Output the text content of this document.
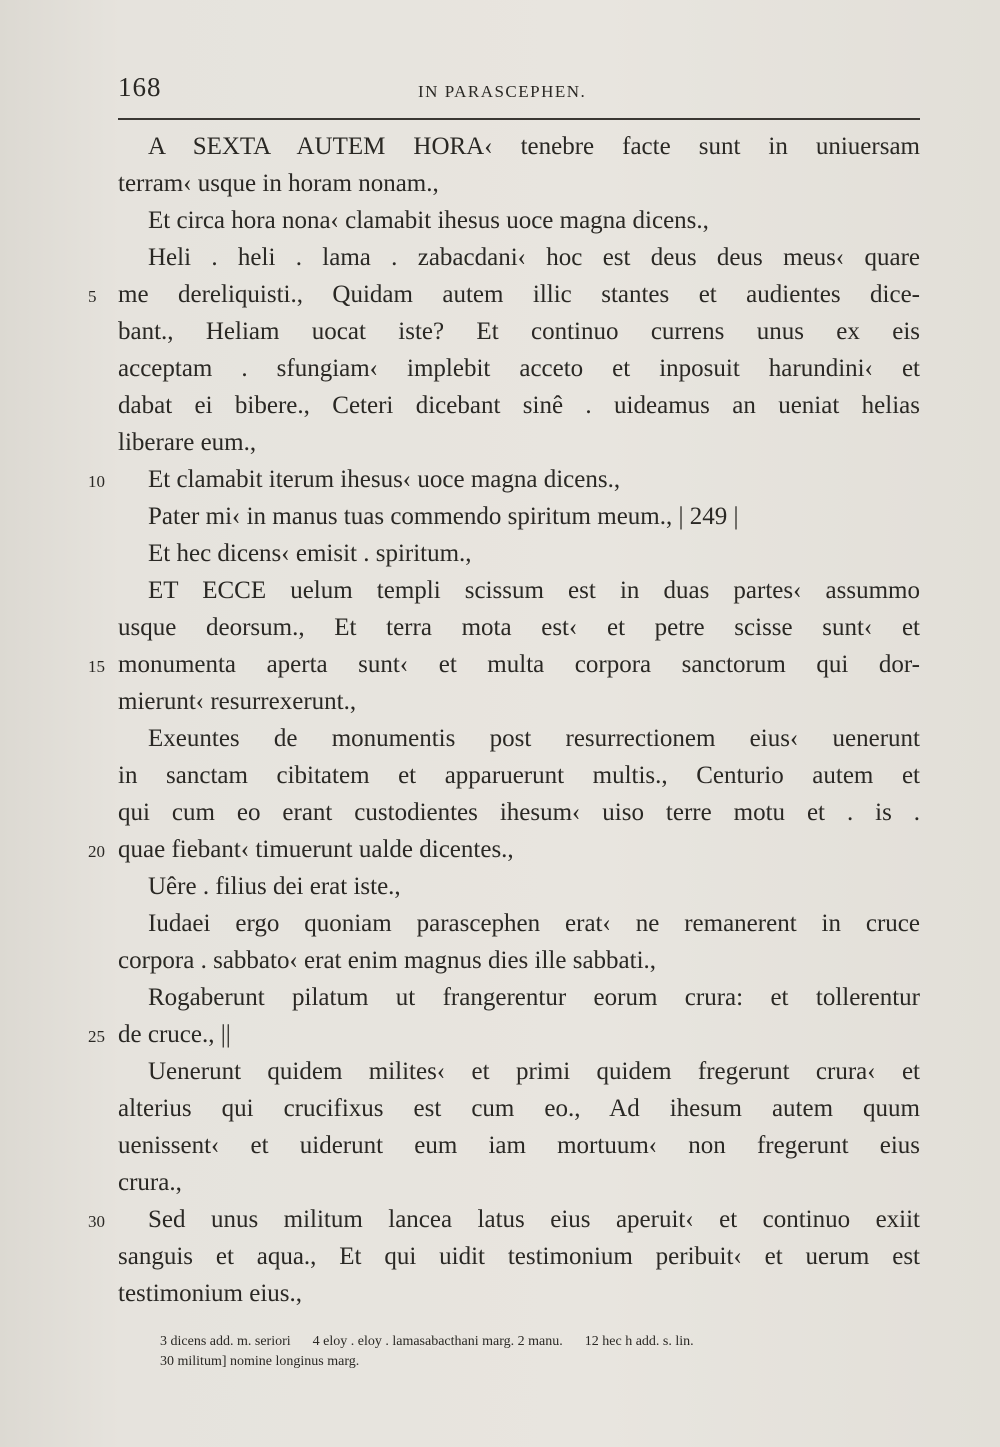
168	IN PARASCEPHEN.
A SEXTA AUTEM HORA‹ tenebre facte sunt in uniuersam
terram‹ usque in horam nonam.,
Et circa hora nona‹ clamabit ihesus uoce magna dicens.,
Heli . heli . lama . zabacdani‹ hoc est deus deus meus‹ quare
5 me dereliquisti., Quidam autem illic stantes et audientes dice-
bant., Heliam uocat iste? Et continuo currens unus ex eis
acceptam . sfungiam‹ implebit acceto et inposuit harundini‹ et
dabat ei bibere., Ceteri dicebant sinê . uideamus an ueniat helias
liberare eum.,
10 Et clamabit iterum ihesus‹ uoce magna dicens.,
Pater mi‹ in manus tuas commendo spiritum meum., | 249 |
Et hec dicens‹ emisit . spiritum.,
ET ECCE uelum templi scissum est in duas partes‹ assummo
usque deorsum., Et terra mota est‹ et petre scisse sunt‹ et
15 monumenta aperta sunt‹ et multa corpora sanctorum qui dor-
mierunt‹ resurrexerunt.,
Exeuntes de monumentis post resurrectionem eius‹ uenerunt
in sanctam cibitatem et apparuerunt multis., Centurio autem et
qui cum eo erant custodientes ihesum‹ uiso terre motu et . is .
20 quae fiebant‹ timuerunt ualde dicentes.,
Uêre . filius dei erat iste.,
Iudaei ergo quoniam parascephen erat‹ ne remanerent in cruce
corpora . sabbato‹ erat enim magnus dies ille sabbati.,
Rogaberunt pilatum ut frangerentur eorum crura: et tollerentur
25 de cruce., ||
Uenerunt quidem milites‹ et primi quidem fregerunt crura‹ et
alterius qui crucifixus est cum eo., Ad ihesum autem quum
uenissent‹ et uiderunt eum iam mortuum‹ non fregerunt eius
crura.,
30 Sed unus militum lancea latus eius aperuit‹ et continuo exiit
sanguis et aqua., Et qui uidit testimonium peribuit‹ et uerum est
testimonium eius.,
3 dicens add. m. seriori 4 eloy . eloy . lamasabacthani marg. 2 manu. 12 hec h add. s. lin.
30 militum] nomine longinus marg.
